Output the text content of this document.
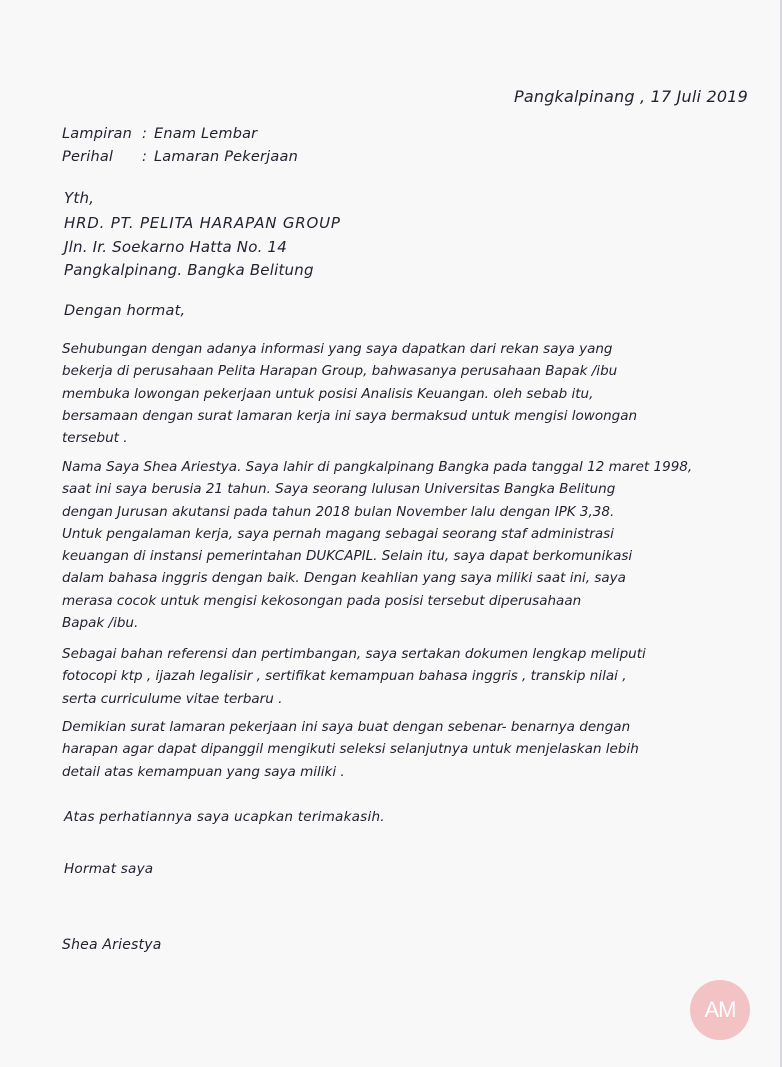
Pangkalpinang , 17 Juli 2019
Lampiran : Enam Lembar
Perihal : Lamaran Pekerjaan
Yth,
HRD. PT. PELITA HARAPAN GROUP
Jln. Ir. Soekarno Hatta No. 14
Pangkalpinang. Bangka Belitung
Dengan hormat,
Sehubungan dengan adanya informasi yang saya dapatkan dari rekan saya yang
bekerja di perusahaan Pelita Harapan Group, bahwasanya perusahaan Bapak /ibu
membuka lowongan pekerjaan untuk posisi Analisis Keuangan. oleh sebab itu,
bersamaan dengan surat lamaran kerja ini saya bermaksud untuk mengisi lowongan
tersebut .
Nama Saya Shea Ariestya. Saya lahir di pangkalpinang Bangka pada tanggal 12 maret 1998,
saat ini saya berusia 21 tahun. Saya seorang lulusan Universitas Bangka Belitung
dengan Jurusan akutansi pada tahun 2018 bulan November lalu dengan IPK 3,38.
Untuk pengalaman kerja, saya pernah magang sebagai seorang staf administrasi
keuangan di instansi pemerintahan DUKCAPIL. Selain itu, saya dapat berkomunikasi
dalam bahasa inggris dengan baik. Dengan keahlian yang saya miliki saat ini, saya
merasa cocok untuk mengisi kekosongan pada posisi tersebut diperusahaan
Bapak /ibu.
Sebagai bahan referensi dan pertimbangan, saya sertakan dokumen lengkap meliputi
fotocopi ktp , ijazah legalisir , sertifikat kemampuan bahasa inggris , transkip nilai ,
serta curriculume vitae terbaru .
Demikian surat lamaran pekerjaan ini saya buat dengan sebenar- benarnya dengan
harapan agar dapat dipanggil mengikuti seleksi selanjutnya untuk menjelaskan lebih
detail atas kemampuan yang saya miliki .
Atas perhatiannya saya ucapkan terimakasih.
Hormat saya
Shea Ariestya
AM
